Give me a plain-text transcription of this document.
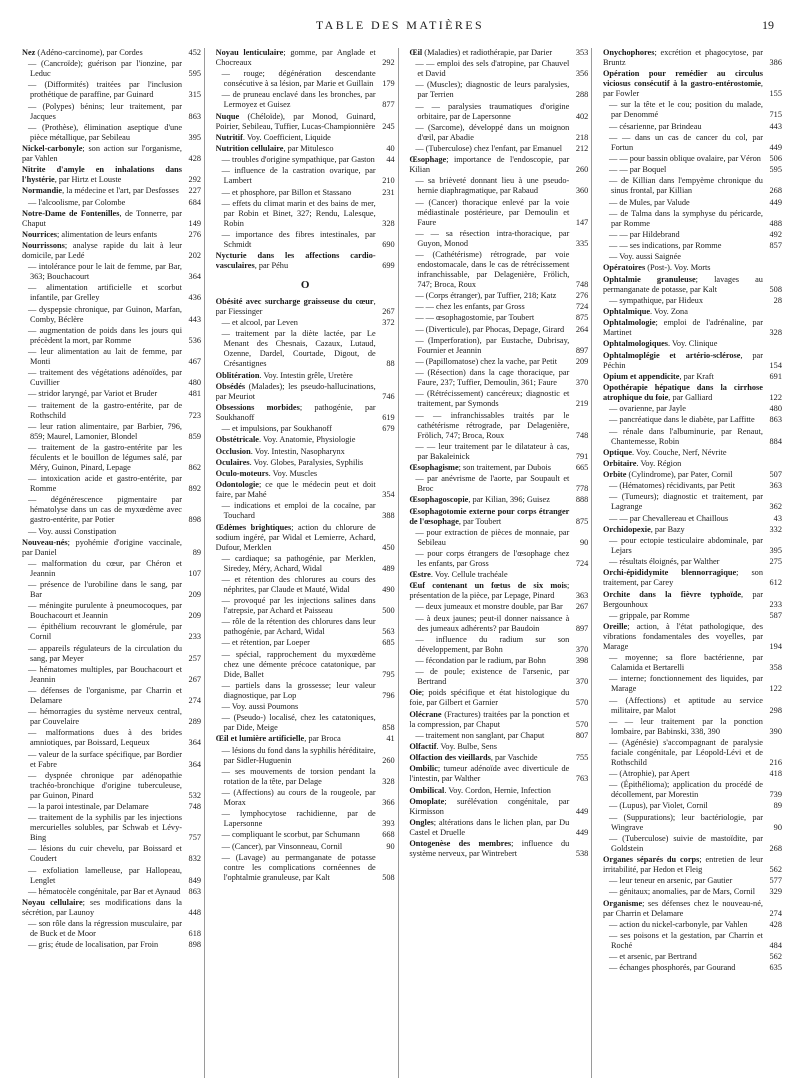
TABLE DES MATIÈRES	19
Nez (Adéno-carcinome), par Cordes	452
— (Cancroïde); guérison par l'ionzine, par Leduc	595
— (Difformités) traitées par l'inclusion prothétique de paraffine, par Guinard	315
— (Polypes) bénins; leur traitement, par Jacques	863
— (Prothèse), élimination aseptique d'une pièce métallique, par Sebileau	395
Nickel-carbonyle; son action sur l'organisme, par Vahlen	428
Nitrite d'amyle en inhalations dans l'hystérie, par Hirtz et Louste	292
Normandie, la médecine et l'art, par Desfosses	227
— l'alcoolisme, par Colombe	684
Notre-Dame de Fontenilles, de Tonnerre, par Chaput	149
Nourrices; alimentation de leurs enfants	276
Nourrissons; analyse rapide du lait à leur domicile, par Ledé	202
— intolérance pour le lait de femme, par Bar, 363; Bouchacourt	364
— alimentation artificielle et scorbut infantile, par Grelley	436
— dyspepsie chronique, par Guinon, Marfan, Comby, Béclère	443
— augmentation de poids dans les jours qui précèdent la mort, par Romme	536
— leur alimentation au lait de femme, par Monti	467
— traitement des végétations adénoïdes, par Cuvillier	480
— stridor laryngé, par Variot et Bruder	481
— traitement de la gastro-entérite, par de Rothschild	723
— leur ration alimentaire, par Barbier, 796, 859; Maurel, Lamonier, Blondel	859
— traitement de la gastro-entérite par les féculents et le bouillon de légumes salé, par Méry, Guinon, Pinard, Lepage	862
— intoxication acide et gastro-entérite, par Romme	892
— dégénérescence pigmentaire par hématolyse dans un cas de myxœdème avec gastro-entérite, par Potier	898
— Voy. aussi Constipation
Nouveau-nés; pyohémie d'origine vaccinale, par Daniel	89
— malformation du cœur, par Chéron et Jeannin	107
— présence de l'urobiline dans le sang, par Bar	209
— méningite purulente à pneumocoques, par Bouchacourt et Jeannin	209
— épithélium recouvrant le glomérule, par Cornil	233
— appareils régulateurs de la circulation du sang, par Meyer	257
— hématomes multiples, par Bouchacourt et Jeannin	267
— défenses de l'organisme, par Charrin et Delamare	274
— hémorragies du système nerveux central, par Couvelaire	289
— malformations dues à des brides amniotiques, par Boissard, Lequeux	364
— valeur de la surface spécifique, par Bordier et Fabre	364
— dyspnée chronique par adénopathie trachéo-bronchique d'origine tuberculeuse, par Guinon, Pinard	532
— la paroi intestinale, par Delamare	748
— traitement de la syphilis par les injections mercurielles solubles, par Schwab et Lévy-Bing	757
— lésions du cuir chevelu, par Boissard et Coudert	832
— exfoliation lamelleuse, par Hallopeau, Lenglet	849
— hématocèle congénitale, par Bar et Aynaud 863
Noyau cellulaire; ses modifications dans la sécrétion, par Launoy	448
— son rôle dans la régression musculaire, par de Buck et de Moor	618
— gris; étude de localisation, par Froin	898
Noyau lenticulaire; gomme, par Anglade et Chocreaux	292
— rouge; dégénération descendante consécutive à sa lésion, par Marie et Guillain	179
— de pruneau enclavé dans les bronches, par Lermoyez et Guisez	877
Nuque (Chéloïde), par Monod, Guinard, Poirier, Sebileau, Tuffier, Lucas-Championnière 245
Nutritif. Voy. Coefficient, Liquide
Nutrition cellulaire, par Mitulesco	40
— troubles d'origine sympathique, par Gaston	44
— influence de la castration ovarique, par Lambert	210
— et phosphore, par Billon et Stassano	231
— effets du climat marin et des bains de mer, par Robin et Binet, 327; Rendu, Lalesque, Robin	328
— importance des fibres intestinales, par Schmidt	690
Nycturie dans les affections cardio-vasculaires, par Péhu	699
O
Obésité avec surcharge graisseuse du cœur, par Fiessinger	267
— et alcool, par Leven	372
— traitement par la diète lactée, par Le Menant des Chesnais, Cazaux, Lutaud, Ozenne, Dardel, Courtade, Digout, de Crésantignes	88
Oblitération. Voy. Intestin grêle, Uretère
Obsédés (Malades); les pseudo-hallucinations, par Meuriot	746
Obsessions morbides; pathogénie, par Soukhanoff	619
— et impulsions, par Soukhanoff	679
Obstétricale. Voy. Anatomie, Physiologie
Occlusion. Voy. Intestin, Nasopharynx
Oculaires. Voy. Globes, Paralysies, Syphilis
Oculo-moteurs. Voy. Muscles
Odontologie; ce que le médecin peut et doit faire, par Mahé	354
— indications et emploi de la cocaïne, par Touchard	388
Œdèmes brightiques; action du chlorure de sodium ingéré, par Widal et Lemierre, Achard, Dufour, Merklen	450
— cardiaque; sa pathogénie, par Merklen, Siredey, Méry, Achard, Widal	489
— et rétention des chlorures au cours des néphrites, par Claude et Mauté, Widal	490
— provoqué par les injections salines dans l'atrepsie, par Achard et Paisseau	500
— rôle de la rétention des chlorures dans leur pathogénie, par Achard, Widal	563
— et rétention, par Loeper	685
— spécial, rapprochement du myxœdème chez une démente précoce catatonique, par Dide, Ballet	795
— partiels dans la grossesse; leur valeur diagnostique, par Lop	796
— Voy. aussi Poumons
— (Pseudo-) localisé, chez les catatoniques, par Dide, Meige	858
Œil et lumière artificielle, par Broca	41
— lésions du fond dans la syphilis héréditaire, par Sidler-Huguenin	260
— ses mouvements de torsion pendant la rotation de la tête, par Delage	328
— (Affections) au cours de la rougeole, par Morax	366
— lymphocytose rachidienne, par de Lapersonne	393
— compliquant le scorbut, par Schumann	668
— (Cancer), par Vinsonneau, Cornil	90
— (Lavage) au permanganate de potasse contre les complications cornéennes de l'ophtalmie granuleuse, par Kalt	508
Œil (Maladies) et radiothérapie, par Darier	353
— — emploi des sels d'atropine, par Chauvel et David	356
— (Muscles); diagnostic de leurs paralysies, par Terrien	288
— — paralysies traumatiques d'origine orbitaire, par de Lapersonne	402
— (Sarcome), développé dans un moignon d'œil, par Abadie	218
— (Tuberculose) chez l'enfant, par Emanuel	212
Œsophage; importance de l'endoscopie, par Kilian	260
— sa brièveté donnant lieu à une pseudo-hernie diaphragmatique, par Rabaud	360
— (Cancer) thoracique enlevé par la voie médiastinale postérieure, par Demoulin et Faure	147
— — sa résection intra-thoracique, par Guyon, Monod	335
— (Cathétérisme) rétrograde, par voie endostomacale, dans le cas de rétrécissement infranchissable, par Delagenière, Frölich, 747; Broca, Roux	748
— (Corps étranger), par Tuffier, 218; Katz	276
— — chez les enfants, par Gross	724
— — œsophagostomie, par Toubert	875
— (Diverticule), par Phocas, Depage, Girard	264
— (Imperforation), par Eustache, Dubrisay, Fournier et Jeannin	897
— (Papillomatose) chez la vache, par Petit	209
— (Résection) dans la cage thoracique, par Faure, 237; Tuffier, Demoulin, 361; Faure	370
— (Rétrécissement) cancéreux; diagnostic et traitement, par Symonds	219
— — infranchissables traités par le cathétérisme rétrograde, par Delagenière, Frölich, 747; Broca, Roux	748
— — leur traitement par le dilatateur à cas, par Bakaleinick	791
Œsophagisme; son traitement, par Dubois	665
— par anévrisme de l'aorte, par Soupault et Broc	778
Œsophagoscopie, par Kilian, 396; Guisez	888
Œsophagotomie externe pour corps étranger de l'œsophage, par Toubert	875
— pour extraction de pièces de monnaie, par Sebileau	90
— pour corps étrangers de l'œsophage chez les enfants, par Gross	724
Œstre. Voy. Cellule trachéale
Œuf contenant un fœtus de six mois; présentation de la pièce, par Lepage, Pinard	363
— deux jumeaux et monstre double, par Bar	267
— à deux jaunes; peut-il donner naissance à des jumeaux adhérents? par Baudoin	897
— influence du radium sur son développement, par Bohn	370
— fécondation par le radium, par Bohn	398
— de poule; existence de l'arsenic, par Bertrand	370
Oie; poids spécifique et état histologique du foie, par Gilbert et Garnier	570
Olécrane (Fractures) traitées par la ponction et la compression, par Chaput	570
— traitement non sanglant, par Chaput	807
Olfactif. Voy. Bulbe, Sens
Olfaction des vieillards, par Vaschide	755
Ombilic; tumeur adénoïde avec diverticule de l'intestin, par Walther	763
Ombilical. Voy. Cordon, Hernie, Infection
Omoplate; surélévation congénitale, par Kirmisson	449
Ongles; altérations dans le lichen plan, par Du Castel et Druelle	449
Ontogenèse des membres; influence du système nerveux, par Wintrebert	538
Onychophores; excrétion et phagocytose, par Bruntz	386
Opération pour remédier au circulus viciosus consécutif à la gastro-entérostomie, par Fowler	155
— sur la tête et le cou; position du malade, par Denommé	715
— césarienne, par Brindeau	443
— — dans un cas de cancer du col, par Fortun	449
— — pour bassin oblique ovalaire, par Véron	506
— — par Boquel	595
— de Killian dans l'empyème chronique du sinus frontal, par Killian	268
— de Mules, par Valude	449
— de Talma dans la symphyse du péricarde, par Romme	488
— — par Hildebrand	492
— — ses indications, par Romme	857
— Voy. aussi Saignée
Opératoires (Post-). Voy. Morts
Ophtalmie granuleuse; lavages au permanganate de potasse, par Kalt	508
— sympathique, par Hideux	28
Ophtalmique. Voy. Zona
Ophtalmologie; emploi de l'adrénaline, par Martinet	328
Ophtalmologiques. Voy. Clinique
Ophtalmoplégie et artério-sclérose, par Péchin	154
Opium et appendicite, par Kraft	691
Opothérapie hépatique dans la cirrhose atrophique du foie, par Galliard	122
— ovarienne, par Jayle	480
— pancréatique dans le diabète, par Laffitte	863
— rénale dans l'albuminurie, par Renaut, Chantemesse, Robin	884
Optique. Voy. Couche, Nerf, Névrite
Orbitaire. Voy. Région
Orbite (Cylindrome), par Pater, Cornil	507
— (Hématomes) récidivants, par Petit	363
— (Tumeurs); diagnostic et traitement, par Lagrange	362
— — par Chevallereau et Chaillous	43
Orchidopexie, par Bazy	332
— pour ectopie testiculaire abdominale, par Lejars	395
— résultats éloignés, par Walther	275
Orchi-épididymite blennorragique; son traitement, par Carey	612
Orchite dans la fièvre typhoïde, par Bergounhoux	233
— grippale, par Romme	587
Oreille; action, à l'état pathologique, des vibrations fondamentales des voyelles, par Marage	194
— moyenne; sa flore bactérienne, par Calamida et Bertarelli	358
— interne; fonctionnement des liquides, par Marage	122
— (Affections) et aptitude au service militaire, par Malot	298
— — leur traitement par la ponction lombaire, par Babinski, 338, 390	390
— (Agénésie) s'accompagnant de paralysie faciale congénitale, par Léopold-Lévi et de Rothschild	216
— (Atrophie), par Apert	418
— (Épithélioma); application du procédé de décollement, par Morestin	739
— (Lupus), par Violet, Cornil	89
— (Suppurations); leur bactériologie, par Wingrave	90
— (Tuberculose) suivie de mastoïdite, par Goldstein	268
Organes séparés du corps; entretien de leur irritabilité, par Hedon et Fleig	562
— leur teneur en arsenic, par Gautier	577
— génitaux; anomalies, par de Mars, Cornil	329
Organisme; ses défenses chez le nouveau-né, par Charrin et Delamare	274
— action du nickel-carbonyle, par Vahlen	428
— ses poisons et la gestation, par Charrin et Roché	484
— et arsenic, par Bertrand	562
— échanges phosphorés, par Gourand	635
